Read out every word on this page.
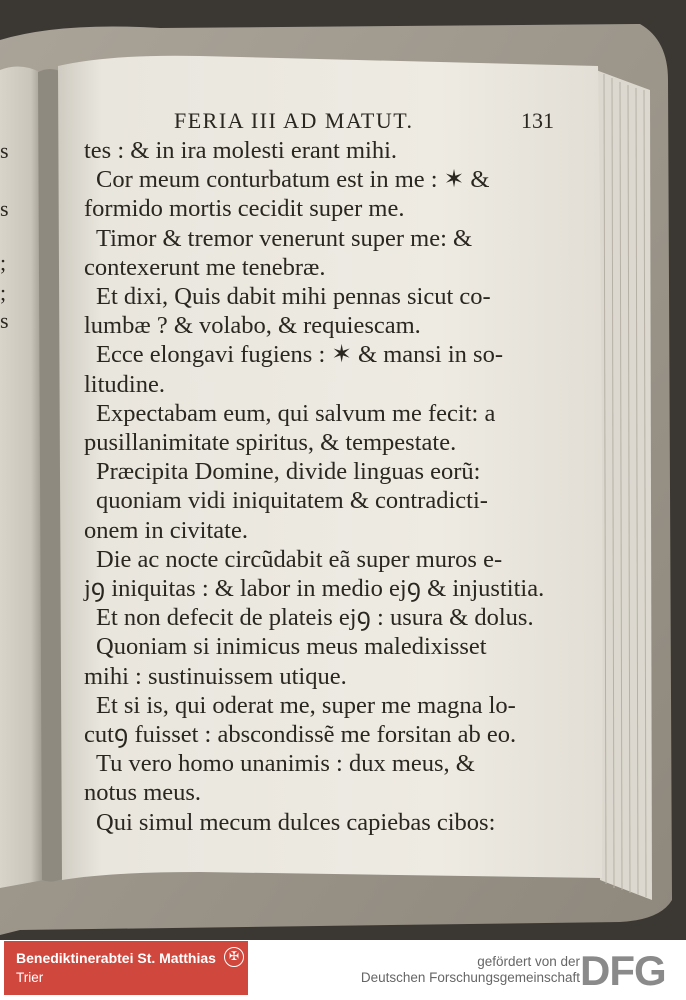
s
s
;
;
s
FERIA III AD MATUT.	131
tes : & in ira molesti erant mihi.
Cor meum conturbatum est in me : ✶ &
formido mortis cecidit super me.
Timor & tremor venerunt super me: &
contexerunt me tenebræ.
Et dixi, Quis dabit mihi pennas sicut co-
lumbæ ? & volabo, & requiescam.
Ecce elongavi fugiens : ✶ & mansi in so-
litudine.
Expectabam eum, qui salvum me fecit: a
pusillanimitate spiritus, & tempestate.
Præcipita Domine, divide linguas eorũ:
quoniam vidi iniquitatem & contradicti-
onem in civitate.
Die ac nocte circũdabit eã super muros e-
jꝯ iniquitas : & labor in medio ejꝯ & injustitia.
Et non defecit de plateis ejꝯ : usura & dolus.
Quoniam si inimicus meus maledixisset
mihi : sustinuissem utique.
Et si is, qui oderat me, super me magna lo-
cutꝯ fuisset : abscondissẽ me forsitan ab eo.
Tu vero homo unanimis : dux meus, &
notus meus.
Qui simul mecum dulces capiebas cibos:
Benediktinerabtei St. Matthias
Trier
✠	gefördert von der
Deutschen Forschungsgemeinschaft DFG
